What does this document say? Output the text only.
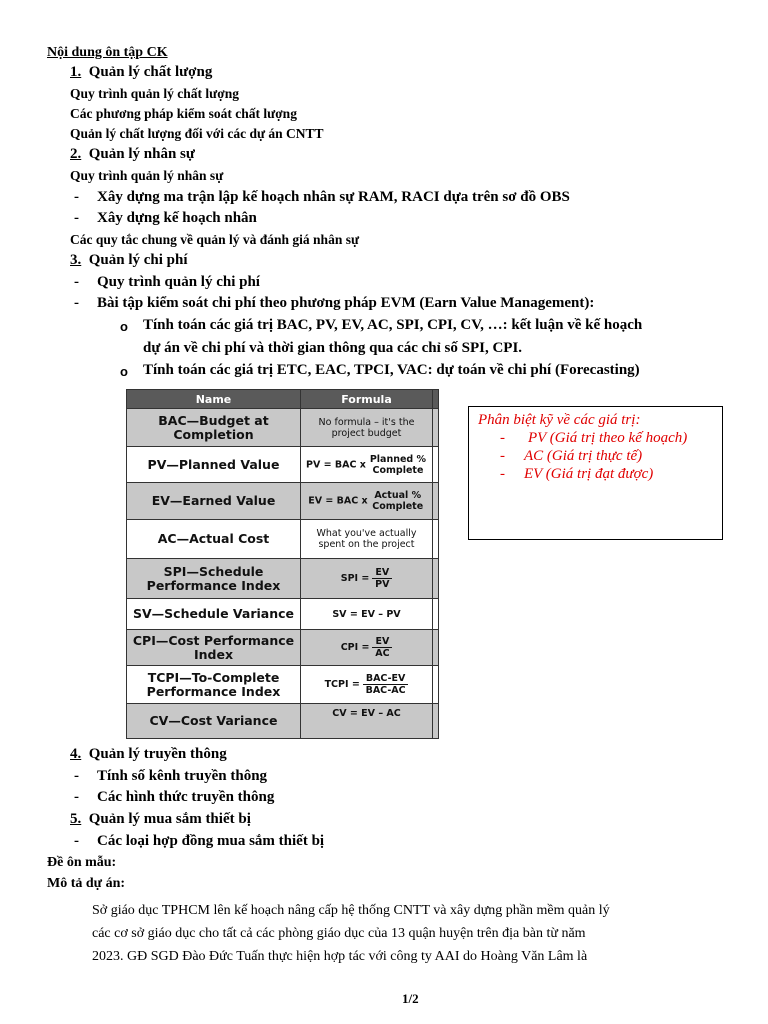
Nội dung ôn tập CK
1. Quản lý chất lượng
Quy trình quản lý chất lượng
Các phương pháp kiểm soát chất lượng
Quản lý chất lượng đối với các dự án CNTT
2. Quản lý nhân sự
Quy trình quản lý nhân sự
- Xây dựng ma trận lập kế hoạch nhân sự RAM, RACI dựa trên sơ đồ OBS
- Xây dựng kế hoạch nhân
Các quy tắc chung về quản lý và đánh giá nhân sự
3. Quản lý chi phí
- Quy trình quản lý chi phí
- Bài tập kiểm soát chi phí theo phương pháp EVM (Earn Value Management):
o Tính toán các giá trị BAC, PV, EV, AC, SPI, CPI, CV, …: kết luận về kế hoạch
dự án về chi phí và thời gian thông qua các chỉ số SPI, CPI.
o Tính toán các giá trị ETC, EAC, TPCI, VAC: dự toán về chi phí (Forecasting)
Name	Formula	
BAC—Budget at Completion	No formula – it's the project budget	
PV—Planned Value	PV = BAC x Planned % Complete	
EV—Earned Value	EV = BAC x Actual % Complete	
AC—Actual Cost	What you've actually spent on the project	
SPI—Schedule Performance Index	SPI = $\frac{EV}{PV}$

SV—Schedule Variance	SV = EV – PV	
CPI—Cost Performance Index	CPI = $\frac{EV}{AC}$

TCPI—To-Complete Performance Index	TCPI = $\frac{\text{BAC-EV}}{\text{BAC-AC}}$

CV—Cost Variance	CV = EV – AC	
Phân biệt kỹ về các giá trị:
- PV (Giá trị theo kế hoạch)
- AC (Giá trị thực tế)
- EV (Giá trị đạt được)
4. Quản lý truyền thông
- Tính số kênh truyền thông
- Các hình thức truyền thông
5. Quản lý mua sắm thiết bị
- Các loại hợp đồng mua sắm thiết bị
Đề ôn mẫu:
Mô tả dự án:
Sở giáo dục TPHCM lên kế hoạch nâng cấp hệ thống CNTT và xây dựng phần mềm quản lý
các cơ sở giáo dục cho tất cả các phòng giáo dục của 13 quận huyện trên địa bàn từ năm
2023. GĐ SGD Đào Đức Tuấn thực hiện hợp tác với công ty AAI do Hoàng Văn Lâm là
1/2
